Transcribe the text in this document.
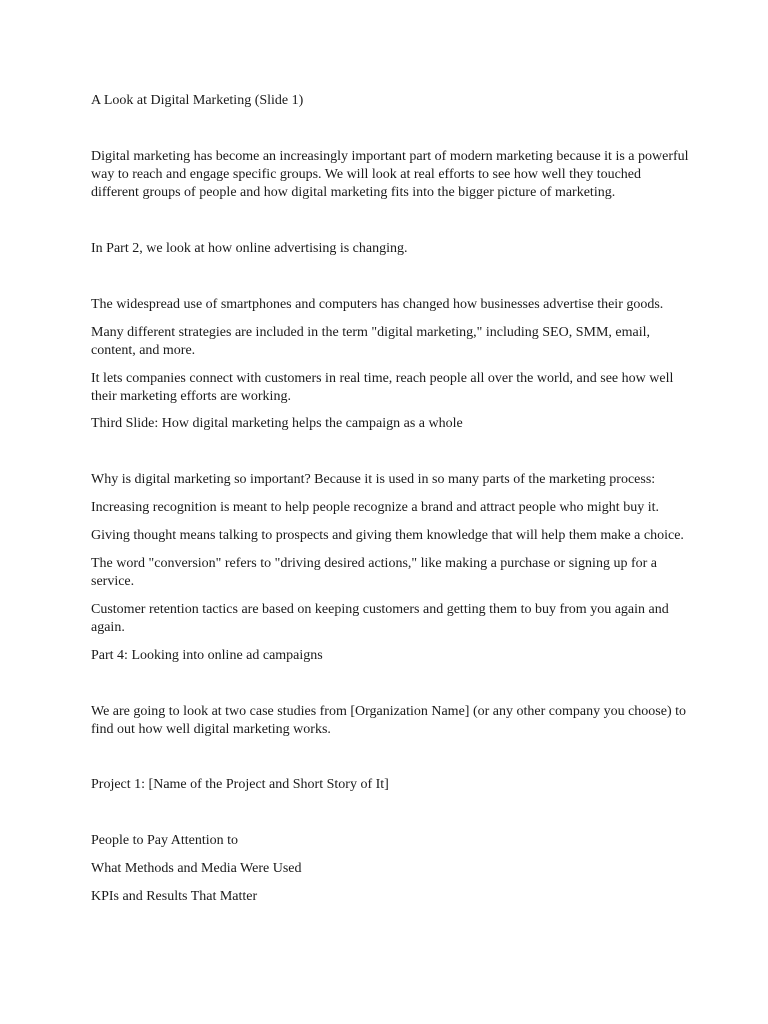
A Look at Digital Marketing (Slide 1)

Digital marketing has become an increasingly important part of modern marketing because it is a powerful way to reach and engage specific groups. We will look at real efforts to see how well they touched different groups of people and how digital marketing fits into the bigger picture of marketing.

In Part 2, we look at how online advertising is changing.

The widespread use of smartphones and computers has changed how businesses advertise their goods.

Many different strategies are included in the term "digital marketing," including SEO, SMM, email, content, and more.

It lets companies connect with customers in real time, reach people all over the world, and see how well their marketing efforts are working.

Third Slide: How digital marketing helps the campaign as a whole

Why is digital marketing so important? Because it is used in so many parts of the marketing process:

Increasing recognition is meant to help people recognize a brand and attract people who might buy it.

Giving thought means talking to prospects and giving them knowledge that will help them make a choice.

The word "conversion" refers to "driving desired actions," like making a purchase or signing up for a service.

Customer retention tactics are based on keeping customers and getting them to buy from you again and again.

Part 4: Looking into online ad campaigns

We are going to look at two case studies from [Organization Name] (or any other company you choose) to find out how well digital marketing works.

Project 1: [Name of the Project and Short Story of It]

People to Pay Attention to

What Methods and Media Were Used

KPIs and Results That Matter
